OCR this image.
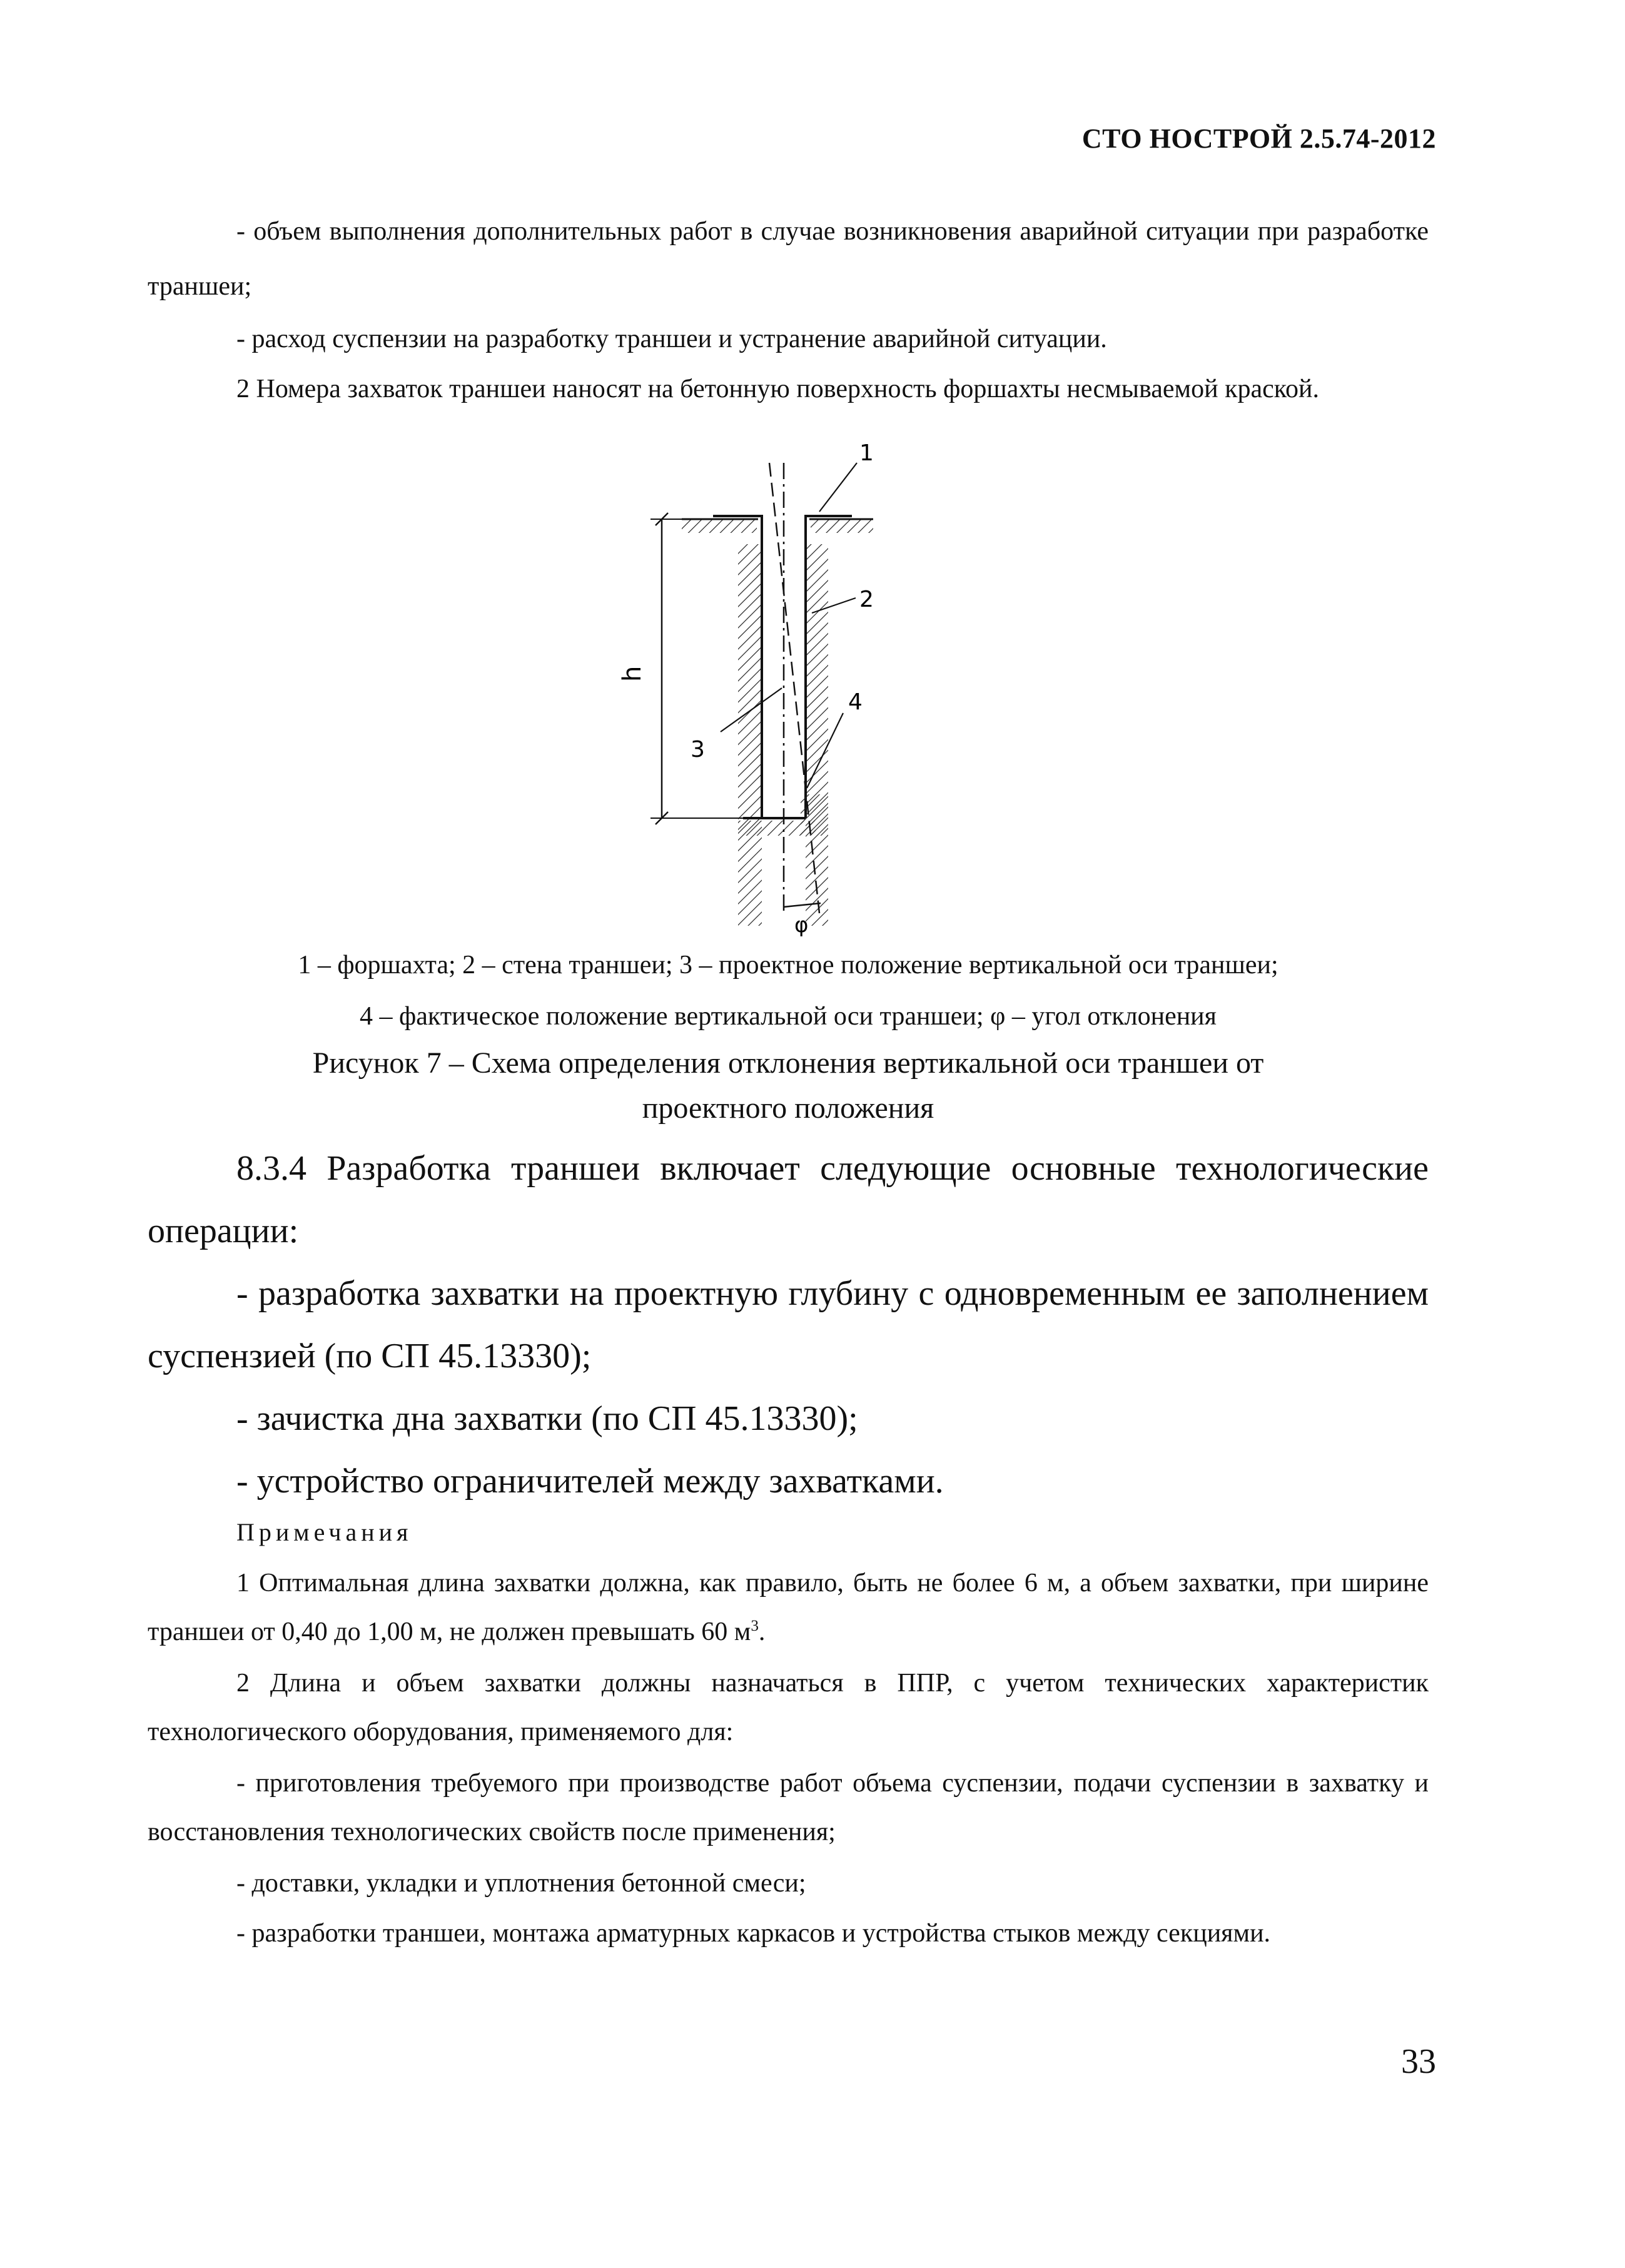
СТО НОСТРОЙ 2.5.74-2012

- объем выполнения дополнительных работ в случае возникновения аварийной ситуации при разработке траншеи;

- расход суспензии на разработку траншеи и устранение аварийной ситуации.

2 Номера захваток траншеи наносят на бетонную поверхность форшахты несмываемой краской.

h
φ
1
2
3
4

1 – форшахта; 2 – стена траншеи; 3 – проектное положение вертикальной оси траншеи;

4 – фактическое положение вертикальной оси траншеи; φ – угол отклонения

Рисунок 7 – Схема определения отклонения вертикальной оси траншеи от

проектного положения

8.3.4 Разработка траншеи включает следующие основные технологические операции:

- разработка захватки на проектную глубину с одновременным ее заполнением суспензией (по СП 45.13330);

- зачистка дна захватки (по СП 45.13330);

- устройство ограничителей между захватками.

Примечания

1 Оптимальная длина захватки должна, как правило, быть не более 6 м, а объем захватки, при ширине траншеи от 0,40 до 1,00 м, не должен превышать 60 $м^3$.

2 Длина и объем захватки должны назначаться в ППР, с учетом технических характеристик технологического оборудования, применяемого для:

- приготовления требуемого при производстве работ объема суспензии, подачи суспензии в захватку и восстановления технологических свойств после применения;

- доставки, укладки и уплотнения бетонной смеси;

- разработки траншеи, монтажа арматурных каркасов и устройства стыков между секциями.

33
